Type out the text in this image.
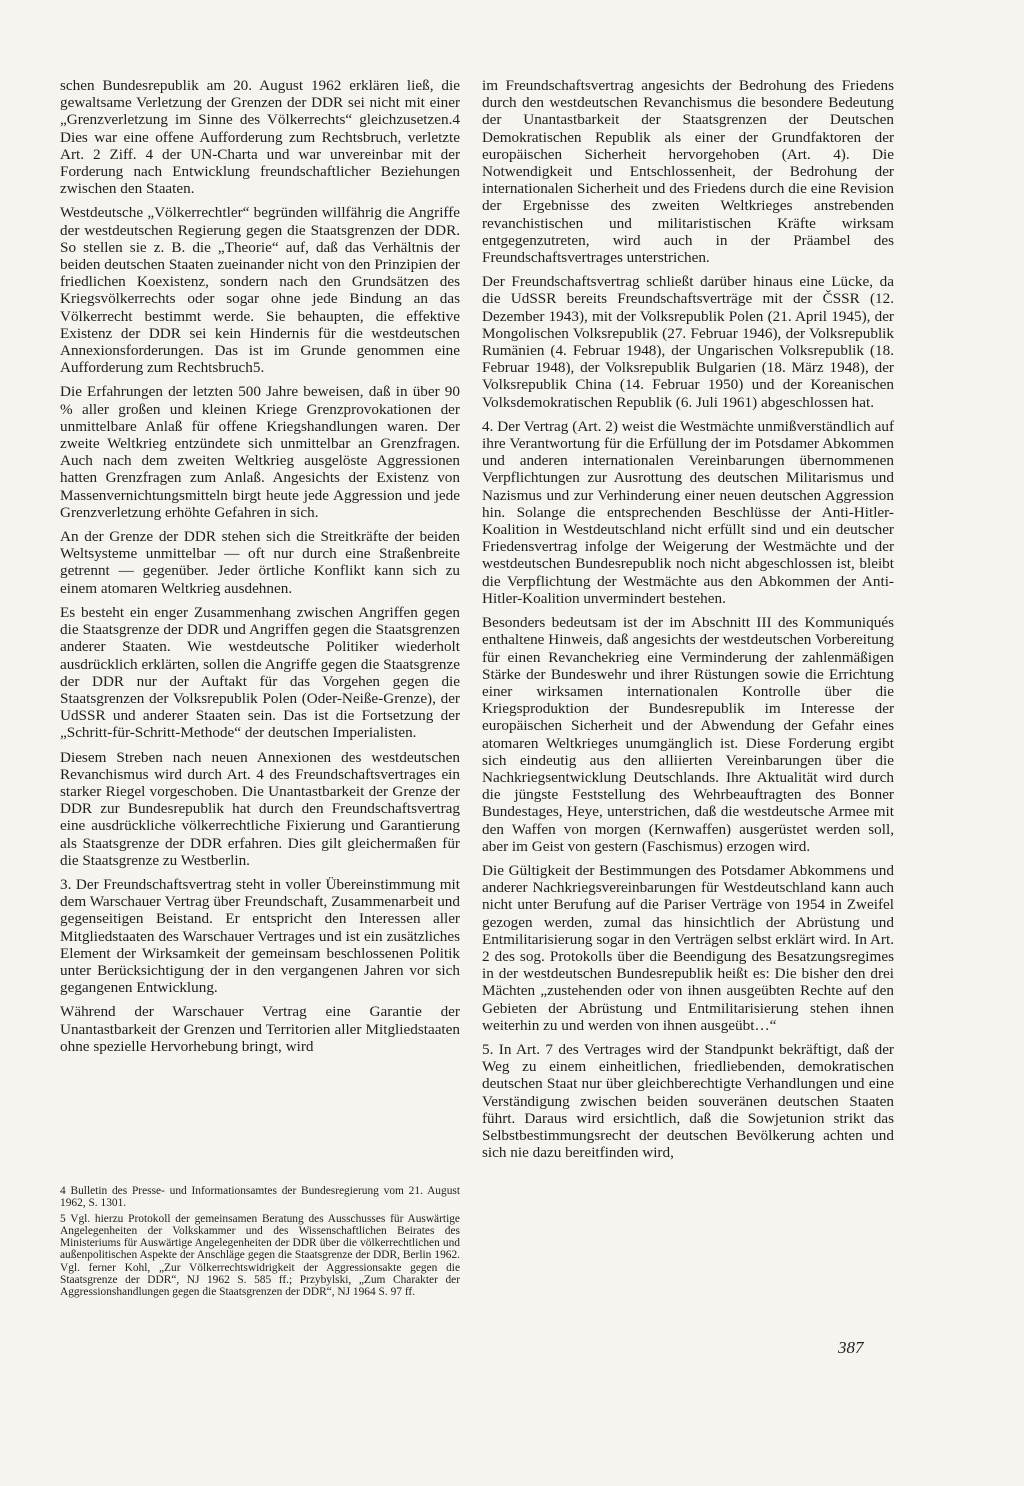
schen Bundesrepublik am 20. August 1962 erklären ließ, die gewaltsame Verletzung der Grenzen der DDR sei nicht mit einer „Grenzverletzung im Sinne des Völkerrechts“ gleichzusetzen.4 Dies war eine offene Aufforderung zum Rechtsbruch, verletzte Art. 2 Ziff. 4 der UN-Charta und war unvereinbar mit der Forderung nach Entwicklung freundschaftlicher Beziehungen zwischen den Staaten.

Westdeutsche „Völkerrechtler“ begründen willfährig die Angriffe der westdeutschen Regierung gegen die Staatsgrenzen der DDR. So stellen sie z. B. die „Theorie“ auf, daß das Verhältnis der beiden deutschen Staaten zueinander nicht von den Prinzipien der friedlichen Koexistenz, sondern nach den Grundsätzen des Kriegsvölkerrechts oder sogar ohne jede Bindung an das Völkerrecht bestimmt werde. Sie behaupten, die effektive Existenz der DDR sei kein Hindernis für die westdeutschen Annexionsforderungen. Das ist im Grunde genommen eine Aufforderung zum Rechtsbruch5.

Die Erfahrungen der letzten 500 Jahre beweisen, daß in über 90 % aller großen und kleinen Kriege Grenzprovokationen der unmittelbare Anlaß für offene Kriegshandlungen waren. Der zweite Weltkrieg entzündete sich unmittelbar an Grenzfragen. Auch nach dem zweiten Weltkrieg ausgelöste Aggressionen hatten Grenzfragen zum Anlaß. Angesichts der Existenz von Massenvernichtungsmitteln birgt heute jede Aggression und jede Grenzverletzung erhöhte Gefahren in sich.

An der Grenze der DDR stehen sich die Streitkräfte der beiden Weltsysteme unmittelbar — oft nur durch eine Straßenbreite getrennt — gegenüber. Jeder örtliche Konflikt kann sich zu einem atomaren Weltkrieg ausdehnen.

Es besteht ein enger Zusammenhang zwischen Angriffen gegen die Staatsgrenze der DDR und Angriffen gegen die Staatsgrenzen anderer Staaten. Wie westdeutsche Politiker wiederholt ausdrücklich erklärten, sollen die Angriffe gegen die Staatsgrenze der DDR nur der Auftakt für das Vorgehen gegen die Staatsgrenzen der Volksrepublik Polen (Oder-Neiße-Grenze), der UdSSR und anderer Staaten sein. Das ist die Fortsetzung der „Schritt-für-Schritt-Methode“ der deutschen Imperialisten.

Diesem Streben nach neuen Annexionen des westdeutschen Revanchismus wird durch Art. 4 des Freundschaftsvertrages ein starker Riegel vorgeschoben. Die Unantastbarkeit der Grenze der DDR zur Bundesrepublik hat durch den Freundschaftsvertrag eine ausdrückliche völkerrechtliche Fixierung und Garantierung als Staatsgrenze der DDR erfahren. Dies gilt gleichermaßen für die Staatsgrenze zu Westberlin.

3. Der Freundschaftsvertrag steht in voller Übereinstimmung mit dem Warschauer Vertrag über Freundschaft, Zusammenarbeit und gegenseitigen Beistand. Er entspricht den Interessen aller Mitgliedstaaten des Warschauer Vertrages und ist ein zusätzliches Element der Wirksamkeit der gemeinsam beschlossenen Politik unter Berücksichtigung der in den vergangenen Jahren vor sich gegangenen Entwicklung.

Während der Warschauer Vertrag eine Garantie der Unantastbarkeit der Grenzen und Territorien aller Mitgliedstaaten ohne spezielle Hervorhebung bringt, wird

4 Bulletin des Presse- und Informationsamtes der Bundesregierung vom 21. August 1962, S. 1301.

5 Vgl. hierzu Protokoll der gemeinsamen Beratung des Ausschusses für Auswärtige Angelegenheiten der Volkskammer und des Wissenschaftlichen Beirates des Ministeriums für Auswärtige Angelegenheiten der DDR über die völkerrechtlichen und außenpolitischen Aspekte der Anschläge gegen die Staatsgrenze der DDR, Berlin 1962. Vgl. ferner Kohl, „Zur Völkerrechtswidrigkeit der Aggressionsakte gegen die Staatsgrenze der DDR“, NJ 1962 S. 585 ff.; Przybylski, „Zum Charakter der Aggressionshandlungen gegen die Staatsgrenzen der DDR“, NJ 1964 S. 97 ff.

im Freundschaftsvertrag angesichts der Bedrohung des Friedens durch den westdeutschen Revanchismus die besondere Bedeutung der Unantastbarkeit der Staatsgrenzen der Deutschen Demokratischen Republik als einer der Grundfaktoren der europäischen Sicherheit hervorgehoben (Art. 4). Die Notwendigkeit und Entschlossenheit, der Bedrohung der internationalen Sicherheit und des Friedens durch die eine Revision der Ergebnisse des zweiten Weltkrieges anstrebenden revanchistischen und militaristischen Kräfte wirksam entgegenzutreten, wird auch in der Präambel des Freundschaftsvertrages unterstrichen.

Der Freundschaftsvertrag schließt darüber hinaus eine Lücke, da die UdSSR bereits Freundschaftsverträge mit der ČSSR (12. Dezember 1943), mit der Volksrepublik Polen (21. April 1945), der Mongolischen Volksrepublik (27. Februar 1946), der Volksrepublik Rumänien (4. Februar 1948), der Ungarischen Volksrepublik (18. Februar 1948), der Volksrepublik Bulgarien (18. März 1948), der Volksrepublik China (14. Februar 1950) und der Koreanischen Volksdemokratischen Republik (6. Juli 1961) abgeschlossen hat.

4. Der Vertrag (Art. 2) weist die Westmächte unmißverständlich auf ihre Verantwortung für die Erfüllung der im Potsdamer Abkommen und anderen internationalen Vereinbarungen übernommenen Verpflichtungen zur Ausrottung des deutschen Militarismus und Nazismus und zur Verhinderung einer neuen deutschen Aggression hin. Solange die entsprechenden Beschlüsse der Anti-Hitler-Koalition in Westdeutschland nicht erfüllt sind und ein deutscher Friedensvertrag infolge der Weigerung der Westmächte und der westdeutschen Bundesrepublik noch nicht abgeschlossen ist, bleibt die Verpflichtung der Westmächte aus den Abkommen der Anti-Hitler-Koalition unvermindert bestehen.

Besonders bedeutsam ist der im Abschnitt III des Kommuniqués enthaltene Hinweis, daß angesichts der westdeutschen Vorbereitung für einen Revanchekrieg eine Verminderung der zahlenmäßigen Stärke der Bundeswehr und ihrer Rüstungen sowie die Errichtung einer wirksamen internationalen Kontrolle über die Kriegsproduktion der Bundesrepublik im Interesse der europäischen Sicherheit und der Abwendung der Gefahr eines atomaren Weltkrieges unumgänglich ist. Diese Forderung ergibt sich eindeutig aus den alliierten Vereinbarungen über die Nachkriegsentwicklung Deutschlands. Ihre Aktualität wird durch die jüngste Feststellung des Wehrbeauftragten des Bonner Bundestages, Heye, unterstrichen, daß die westdeutsche Armee mit den Waffen von morgen (Kernwaffen) ausgerüstet werden soll, aber im Geist von gestern (Faschismus) erzogen wird.

Die Gültigkeit der Bestimmungen des Potsdamer Abkommens und anderer Nachkriegsvereinbarungen für Westdeutschland kann auch nicht unter Berufung auf die Pariser Verträge von 1954 in Zweifel gezogen werden, zumal das hinsichtlich der Abrüstung und Entmilitarisierung sogar in den Verträgen selbst erklärt wird. In Art. 2 des sog. Protokolls über die Beendigung des Besatzungsregimes in der westdeutschen Bundesrepublik heißt es: Die bisher den drei Mächten „zustehenden oder von ihnen ausgeübten Rechte auf den Gebieten der Abrüstung und Entmilitarisierung stehen ihnen weiterhin zu und werden von ihnen ausgeübt…“

5. In Art. 7 des Vertrages wird der Standpunkt bekräftigt, daß der Weg zu einem einheitlichen, friedliebenden, demokratischen deutschen Staat nur über gleichberechtigte Verhandlungen und eine Verständigung zwischen beiden souveränen deutschen Staaten führt. Daraus wird ersichtlich, daß die Sowjetunion strikt das Selbstbestimmungsrecht der deutschen Bevölkerung achten und sich nie dazu bereitfinden wird,

387
